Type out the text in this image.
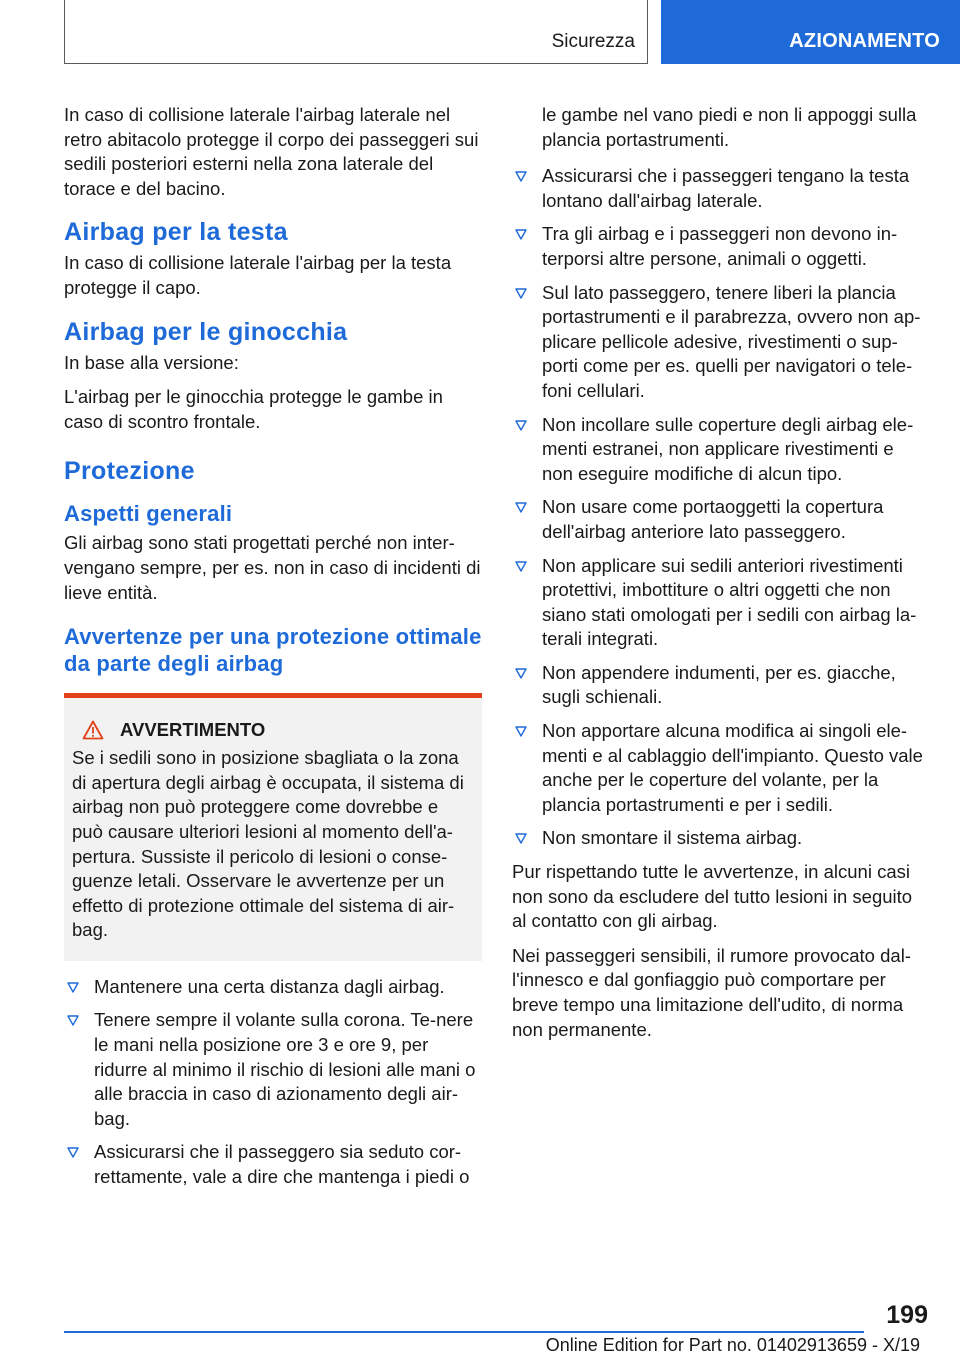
Sicurezza	AZIONAMENTO

In caso di collisione laterale l'airbag laterale nel retro abitacolo protegge il corpo dei passeggeri sui sedili posteriori esterni nella zona laterale del torace e del bacino.

Airbag per la testa

In caso di collisione laterale l'airbag per la testa protegge il capo.

Airbag per le ginocchia

In base alla versione:

L'airbag per le ginocchia protegge le gambe in caso di scontro frontale.

Protezione
Aspetti generali

Gli airbag sono stati progettati perché non inter-vengano sempre, per es. non in caso di incidenti di lieve entità.

Avvertenze per una protezione ottimale da parte degli airbag
AVVERTIMENTO

Se i sedili sono in posizione sbagliata o la zona di apertura degli airbag è occupata, il sistema di airbag non può proteggere come dovrebbe e può causare ulteriori lesioni al momento dell'a-pertura. Sussiste il pericolo di lesioni o conse-guenze letali. Osservare le avvertenze per un effetto di protezione ottimale del sistema di air-bag.

Mantenere una certa distanza dagli airbag.
Tenere sempre il volante sulla corona. Te-nere le mani nella posizione ore 3 e ore 9, per ridurre al minimo il rischio di lesioni alle mani o alle braccia in caso di azionamento degli air-bag.
Assicurarsi che il passeggero sia seduto cor-rettamente, vale a dire che mantenga i piedi o

le gambe nel vano piedi e non li appoggi sulla plancia portastrumenti.

Assicurarsi che i passeggeri tengano la testa lontano dall'airbag laterale.
Tra gli airbag e i passeggeri non devono in-terporsi altre persone, animali o oggetti.
Sul lato passeggero, tenere liberi la plancia portastrumenti e il parabrezza, ovvero non ap-plicare pellicole adesive, rivestimenti o sup-porti come per es. quelli per navigatori o tele-foni cellulari.
Non incollare sulle coperture degli airbag ele-menti estranei, non applicare rivestimenti e non eseguire modifiche di alcun tipo.
Non usare come portaoggetti la copertura dell'airbag anteriore lato passeggero.
Non applicare sui sedili anteriori rivestimenti protettivi, imbottiture o altri oggetti che non siano stati omologati per i sedili con airbag la-terali integrati.
Non appendere indumenti, per es. giacche, sugli schienali.
Non apportare alcuna modifica ai singoli ele-menti e al cablaggio dell'impianto. Questo vale anche per le coperture del volante, per la plancia portastrumenti e per i sedili.
Non smontare il sistema airbag.

Pur rispettando tutte le avvertenze, in alcuni casi non sono da escludere del tutto lesioni in seguito al contatto con gli airbag.

Nei passeggeri sensibili, il rumore provocato dal-l'innesco e dal gonfiaggio può comportare per breve tempo una limitazione dell'udito, di norma non permanente.

199
Online Edition for Part no. 01402913659 - X/19
